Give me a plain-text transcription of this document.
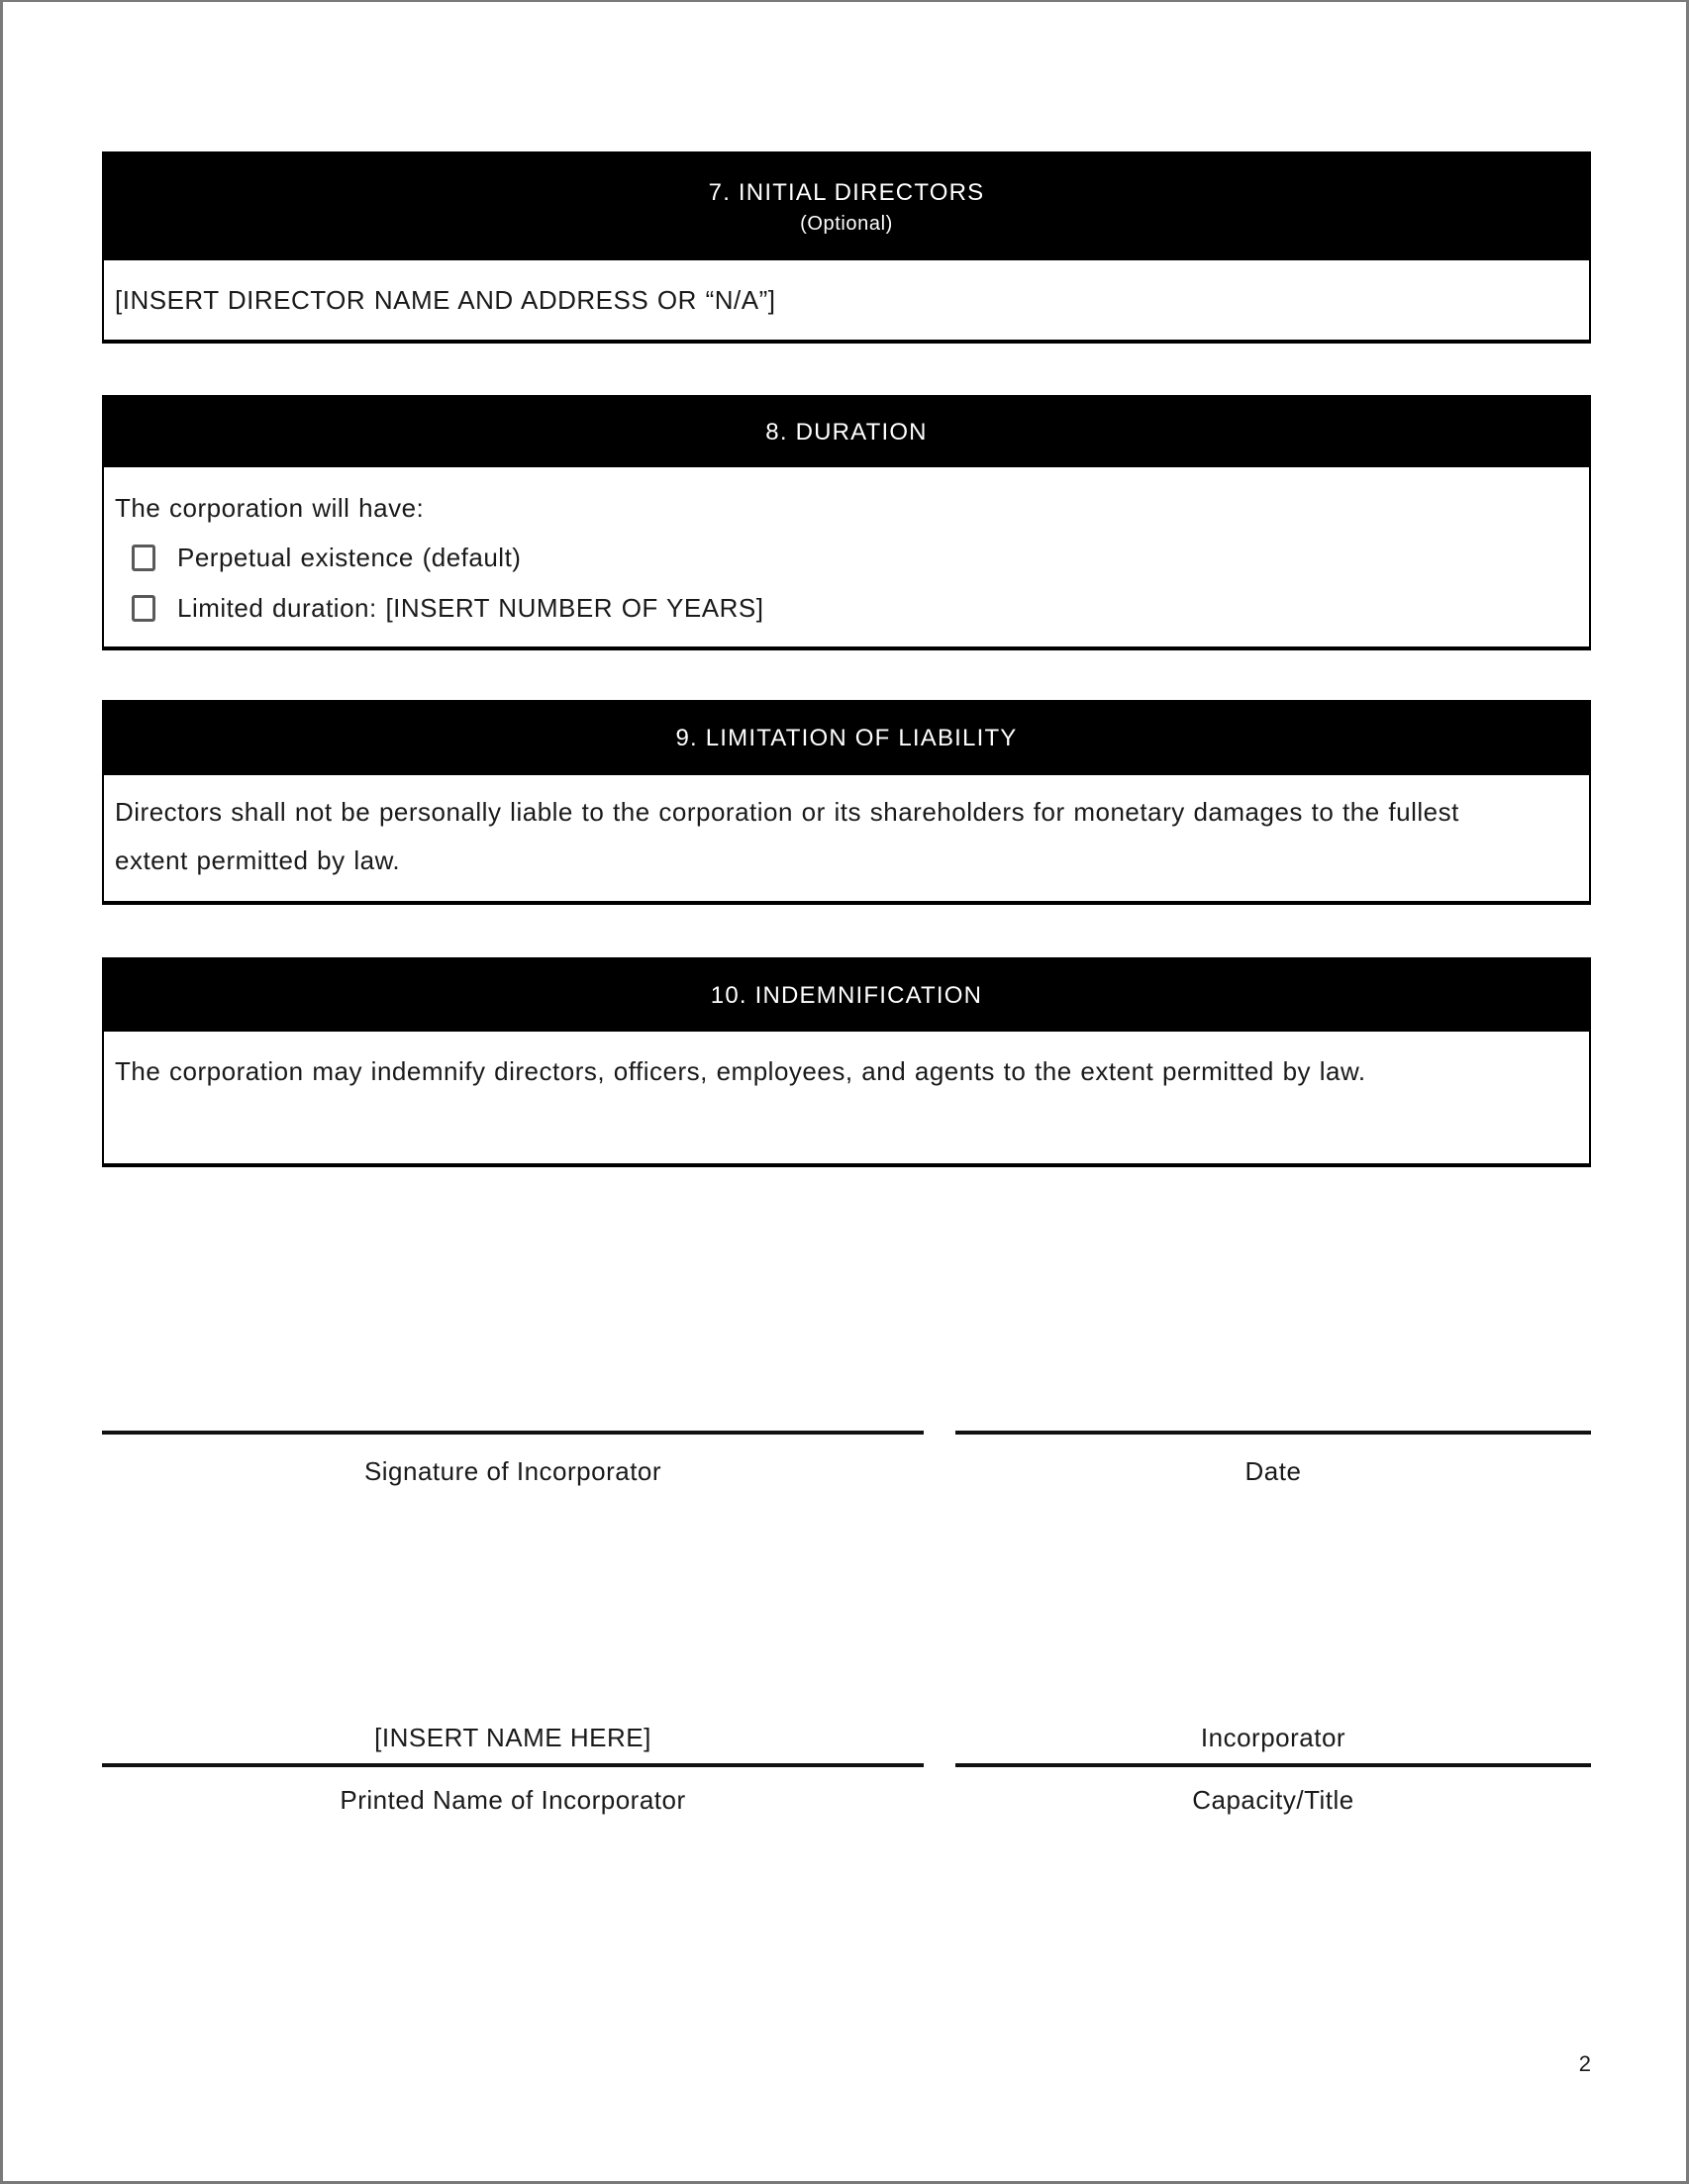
7. INITIAL DIRECTORS
(Optional)

[INSERT DIRECTOR NAME AND ADDRESS OR “N/A”]

8. DURATION
The corporation will have:
Perpetual existence (default)
Limited duration: [INSERT NUMBER OF YEARS]
9. LIMITATION OF LIABILITY

Directors shall not be personally liable to the corporation or its shareholders for monetary damages to the fullest extent permitted by law.

10. INDEMNIFICATION

The corporation may indemnify directors, officers, employees, and agents to the extent permitted by law.

Signature of Incorporator	Date
[INSERT NAME HERE]
Printed Name of Incorporator
Incorporator
Capacity/Title
2
